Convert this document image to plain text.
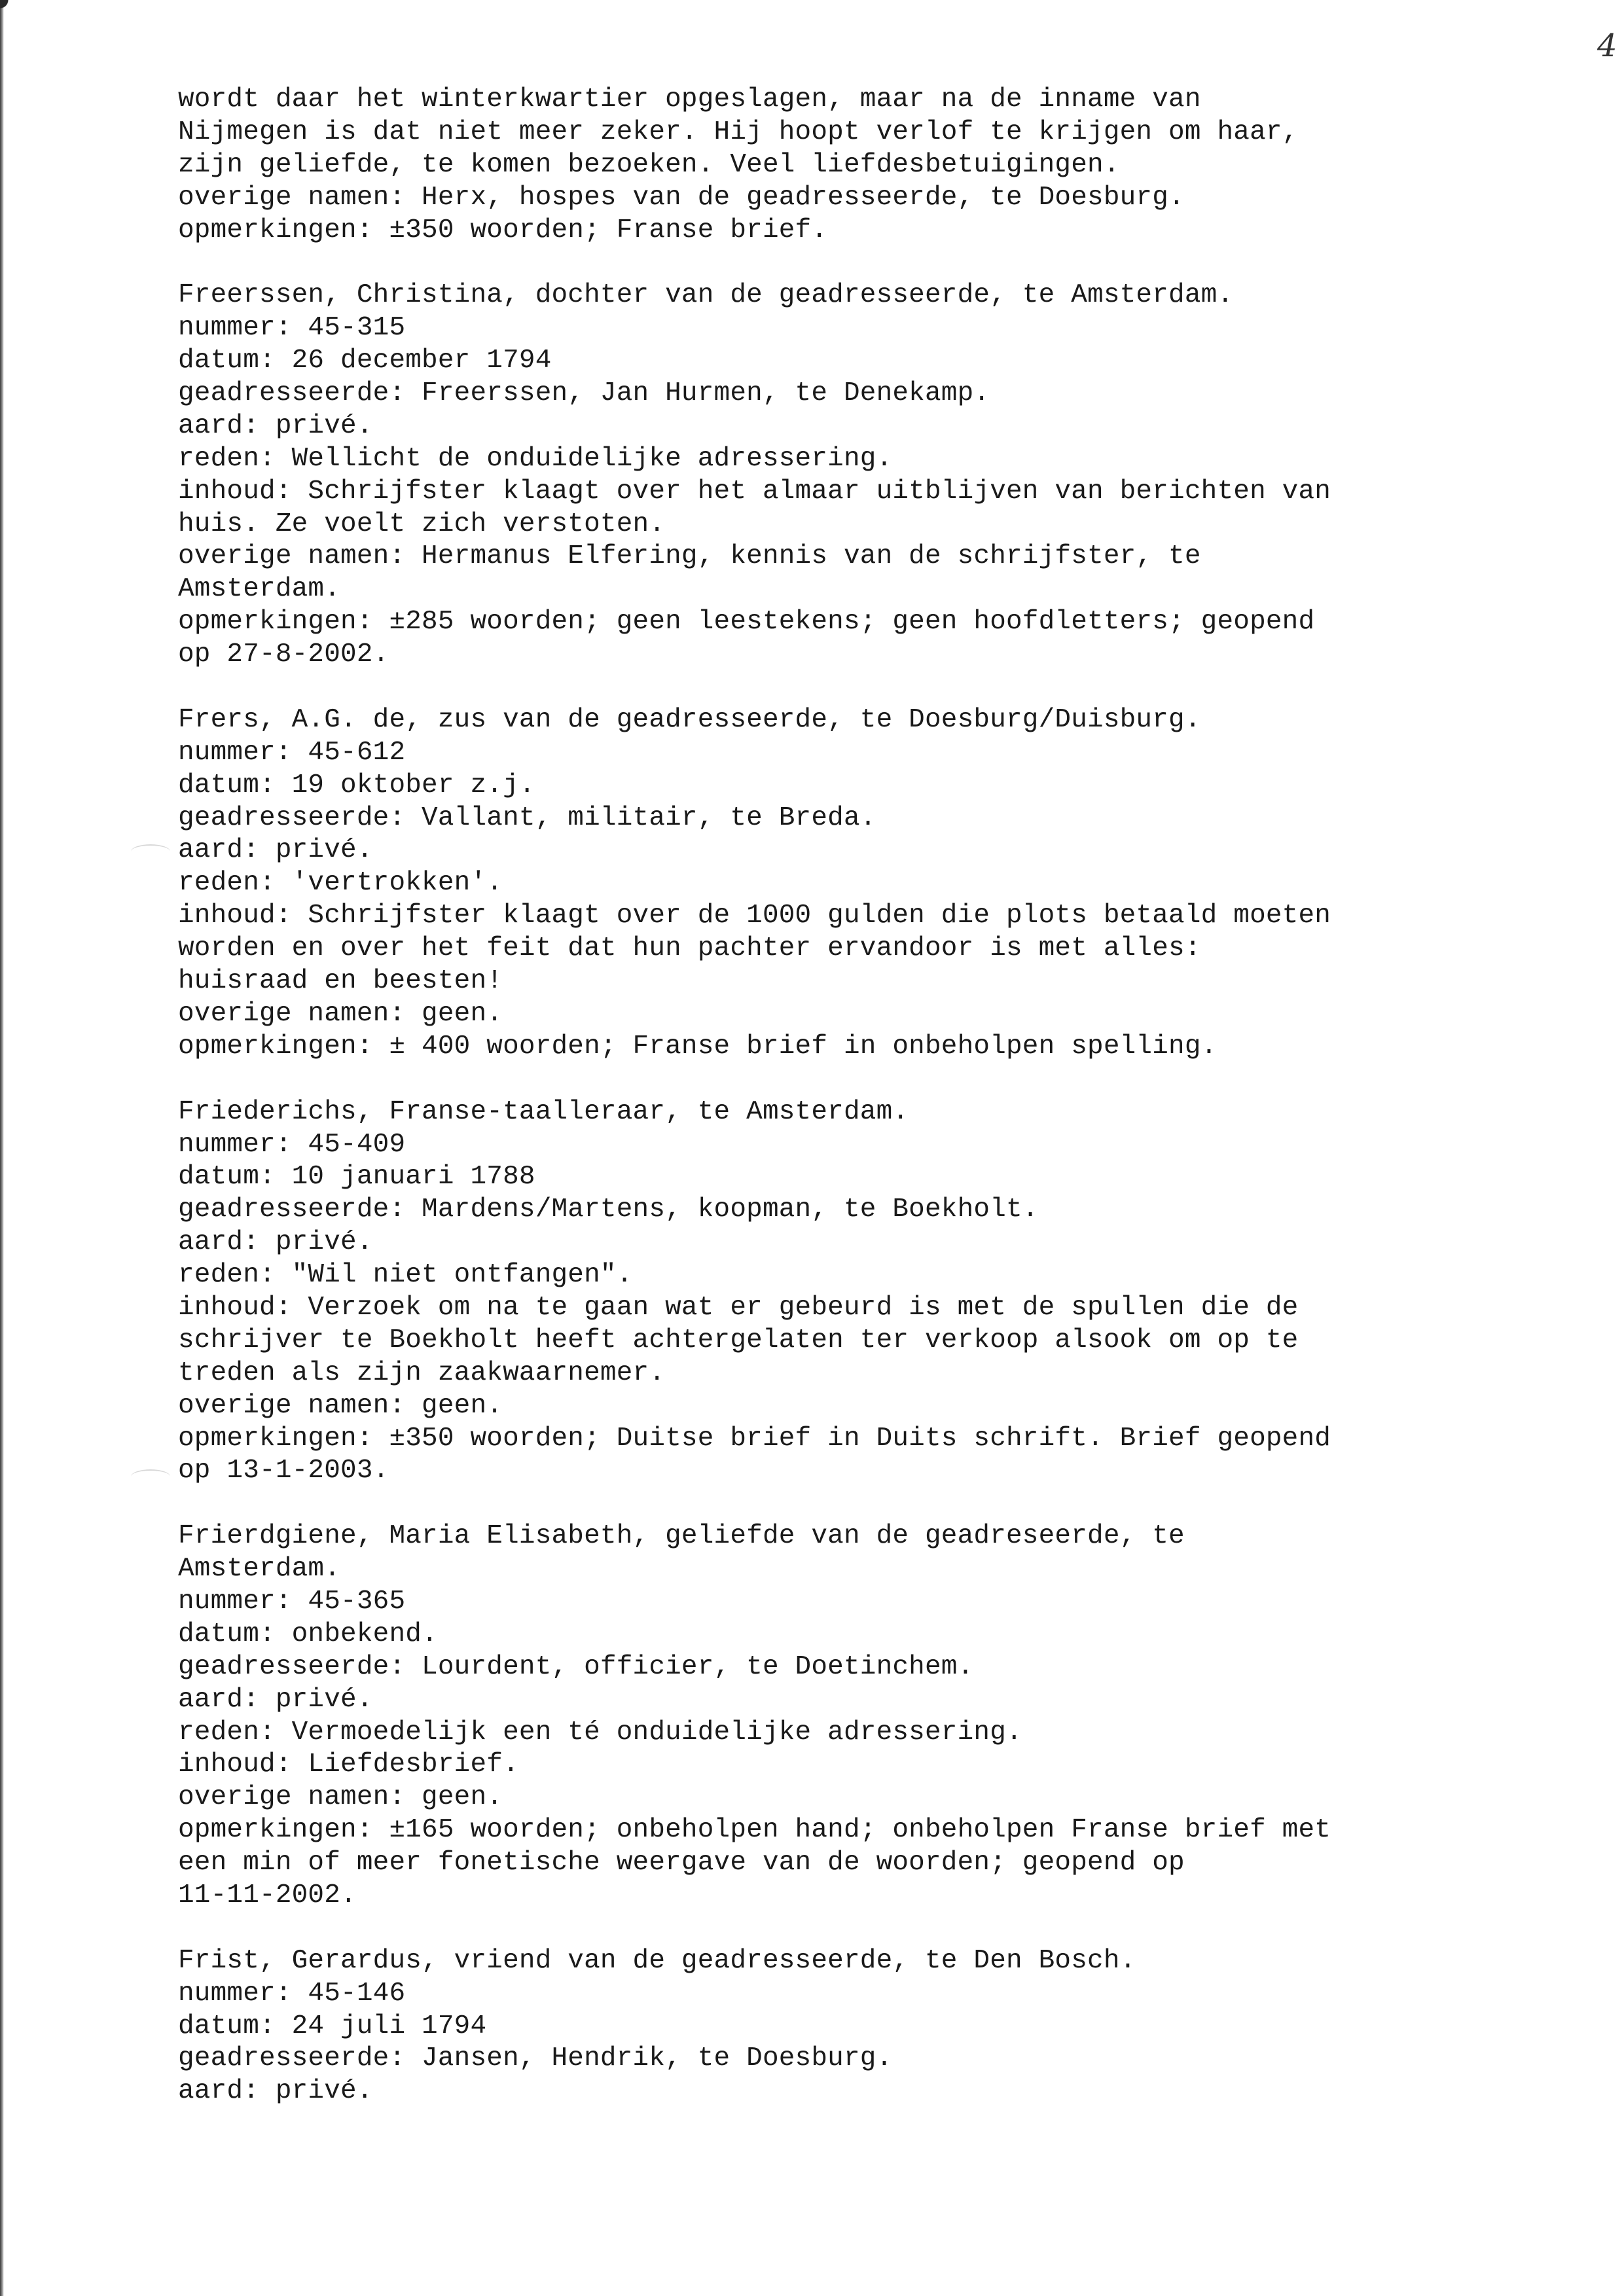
4
wordt daar het winterkwartier opgeslagen, maar na de inname van
Nijmegen is dat niet meer zeker. Hij hoopt verlof te krijgen om haar,
zijn geliefde, te komen bezoeken. Veel liefdesbetuigingen.
overige namen: Herx, hospes van de geadresseerde, te Doesburg.
opmerkingen: ±350 woorden; Franse brief.
Freerssen, Christina, dochter van de geadresseerde, te Amsterdam.
nummer: 45-315
datum: 26 december 1794
geadresseerde: Freerssen, Jan Hurmen, te Denekamp.
aard: privé.
reden: Wellicht de onduidelijke adressering.
inhoud: Schrijfster klaagt over het almaar uitblijven van berichten van
huis. Ze voelt zich verstoten.
overige namen: Hermanus Elfering, kennis van de schrijfster, te
Amsterdam.
opmerkingen: ±285 woorden; geen leestekens; geen hoofdletters; geopend
op 27-8-2002.
Frers, A.G. de, zus van de geadresseerde, te Doesburg/Duisburg.
nummer: 45-612
datum: 19 oktober z.j.
geadresseerde: Vallant, militair, te Breda.
aard: privé.
reden: 'vertrokken'.
inhoud: Schrijfster klaagt over de 1000 gulden die plots betaald moeten
worden en over het feit dat hun pachter ervandoor is met alles:
huisraad en beesten!
overige namen: geen.
opmerkingen: ± 400 woorden; Franse brief in onbeholpen spelling.
Friederichs, Franse-taalleraar, te Amsterdam.
nummer: 45-409
datum: 10 januari 1788
geadresseerde: Mardens/Martens, koopman, te Boekholt.
aard: privé.
reden: "Wil niet ontfangen".
inhoud: Verzoek om na te gaan wat er gebeurd is met de spullen die de
schrijver te Boekholt heeft achtergelaten ter verkoop alsook om op te
treden als zijn zaakwaarnemer.
overige namen: geen.
opmerkingen: ±350 woorden; Duitse brief in Duits schrift. Brief geopend
op 13-1-2003.
Frierdgiene, Maria Elisabeth, geliefde van de geadreseerde, te
Amsterdam.
nummer: 45-365
datum: onbekend.
geadresseerde: Lourdent, officier, te Doetinchem.
aard: privé.
reden: Vermoedelijk een té onduidelijke adressering.
inhoud: Liefdesbrief.
overige namen: geen.
opmerkingen: ±165 woorden; onbeholpen hand; onbeholpen Franse brief met
een min of meer fonetische weergave van de woorden; geopend op
11-11-2002.
Frist, Gerardus, vriend van de geadresseerde, te Den Bosch.
nummer: 45-146
datum: 24 juli 1794
geadresseerde: Jansen, Hendrik, te Doesburg.
aard: privé.
